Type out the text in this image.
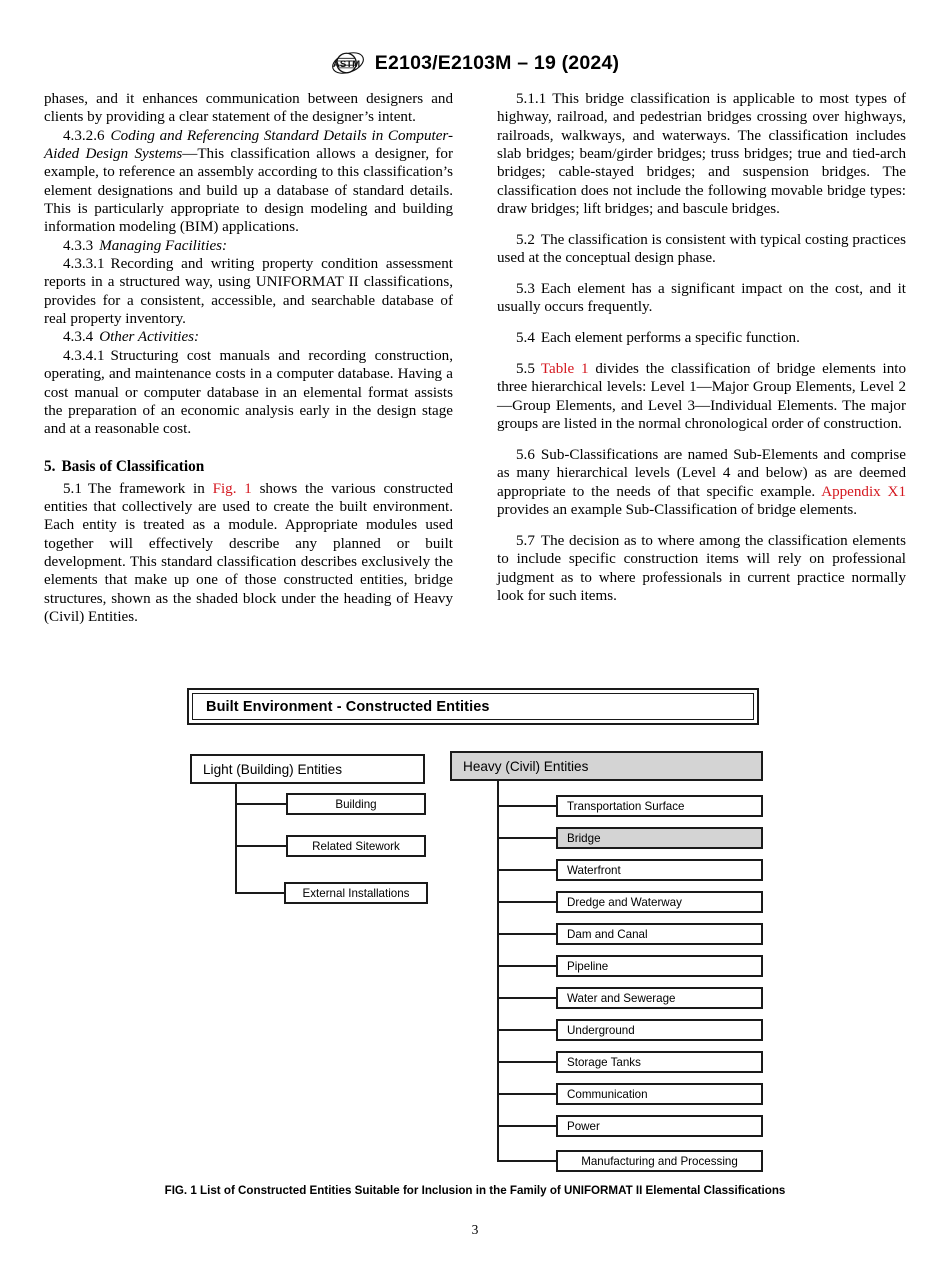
ASTM E2103/E2103M – 19 (2024)

phases, and it enhances communication between designers and clients by providing a clear statement of the designer’s intent.

4.3.2.6 Coding and Referencing Standard Details in Computer-Aided Design Systems—This classification allows a designer, for example, to reference an assembly according to this classification’s element designations and build up a database of standard details. This is particularly appropriate to design modeling and building information modeling (BIM) applications.

4.3.3 Managing Facilities:

4.3.3.1 Recording and writing property condition assessment reports in a structured way, using UNIFORMAT II classifications, provides for a consistent, accessible, and searchable database of real property inventory.

4.3.4 Other Activities:

4.3.4.1 Structuring cost manuals and recording construction, operating, and maintenance costs in a computer database. Having a cost manual or computer database in an elemental format assists the preparation of an economic analysis early in the design stage and at a reasonable cost.

5. Basis of Classification

5.1 The framework in Fig. 1 shows the various constructed entities that collectively are used to create the built environment. Each entity is treated as a module. Appropriate modules used together will effectively describe any planned or built development. This standard classification describes exclusively the elements that make up one of those constructed entities, bridge structures, shown as the shaded block under the heading of Heavy (Civil) Entities.

5.1.1 This bridge classification is applicable to most types of highway, railroad, and pedestrian bridges crossing over highways, railroads, walkways, and waterways. The classification includes slab bridges; beam/girder bridges; truss bridges; true and tied-arch bridges; cable-stayed bridges; and suspension bridges. The classification does not include the following movable bridge types: draw bridges; lift bridges; and bascule bridges.

5.2 The classification is consistent with typical costing practices used at the conceptual design phase.

5.3 Each element has a significant impact on the cost, and it usually occurs frequently.

5.4 Each element performs a specific function.

5.5 Table 1 divides the classification of bridge elements into three hierarchical levels: Level 1—Major Group Elements, Level 2—Group Elements, and Level 3—Individual Elements. The major groups are listed in the normal chronological order of construction.

5.6 Sub-Classifications are named Sub-Elements and comprise as many hierarchical levels (Level 4 and below) as are deemed appropriate to the needs of that specific example. Appendix X1 provides an example Sub-Classification of bridge elements.

5.7 The decision as to where among the classification elements to include specific construction items will rely on professional judgment as to where professionals in current practice normally look for such items.

Built Environment - Constructed Entities
Light (Building) Entities
Building
Related Sitework
External Installations
Heavy (Civil) Entities
Transportation Surface
Bridge
Waterfront
Dredge and Waterway
Dam and Canal
Pipeline
Water and Sewerage
Underground
Storage Tanks
Communication
Power
Manufacturing and Processing
FIG. 1 List of Constructed Entities Suitable for Inclusion in the Family of UNIFORMAT II Elemental Classifications
3
